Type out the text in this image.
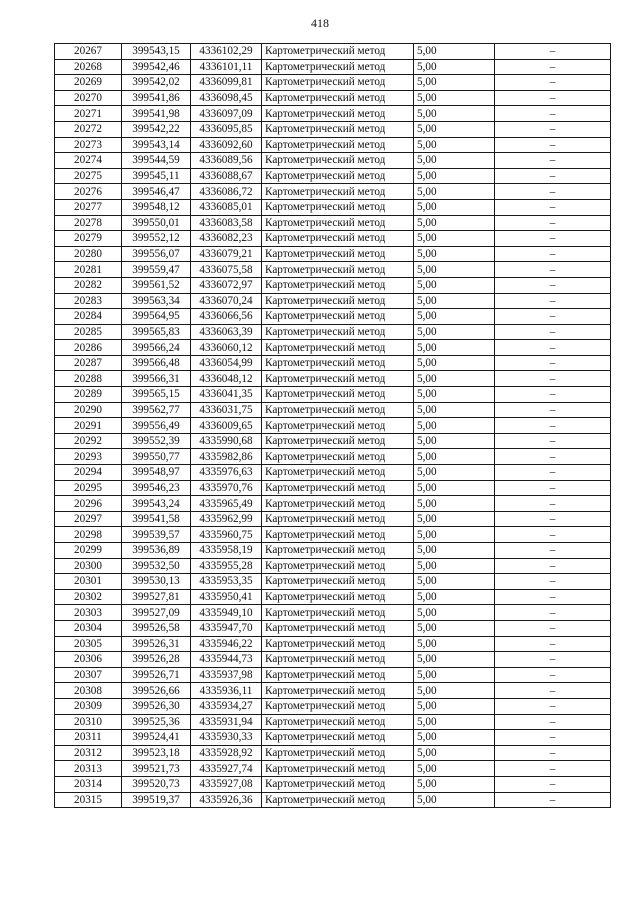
418
20267	399543,15	4336102,29	Картометрический метод	5,00	–
20268	399542,46	4336101,11	Картометрический метод	5,00	–
20269	399542,02	4336099,81	Картометрический метод	5,00	–
20270	399541,86	4336098,45	Картометрический метод	5,00	–
20271	399541,98	4336097,09	Картометрический метод	5,00	–
20272	399542,22	4336095,85	Картометрический метод	5,00	–
20273	399543,14	4336092,60	Картометрический метод	5,00	–
20274	399544,59	4336089,56	Картометрический метод	5,00	–
20275	399545,11	4336088,67	Картометрический метод	5,00	–
20276	399546,47	4336086,72	Картометрический метод	5,00	–
20277	399548,12	4336085,01	Картометрический метод	5,00	–
20278	399550,01	4336083,58	Картометрический метод	5,00	–
20279	399552,12	4336082,23	Картометрический метод	5,00	–
20280	399556,07	4336079,21	Картометрический метод	5,00	–
20281	399559,47	4336075,58	Картометрический метод	5,00	–
20282	399561,52	4336072,97	Картометрический метод	5,00	–
20283	399563,34	4336070,24	Картометрический метод	5,00	–
20284	399564,95	4336066,56	Картометрический метод	5,00	–
20285	399565,83	4336063,39	Картометрический метод	5,00	–
20286	399566,24	4336060,12	Картометрический метод	5,00	–
20287	399566,48	4336054,99	Картометрический метод	5,00	–
20288	399566,31	4336048,12	Картометрический метод	5,00	–
20289	399565,15	4336041,35	Картометрический метод	5,00	–
20290	399562,77	4336031,75	Картометрический метод	5,00	–
20291	399556,49	4336009,65	Картометрический метод	5,00	–
20292	399552,39	4335990,68	Картометрический метод	5,00	–
20293	399550,77	4335982,86	Картометрический метод	5,00	–
20294	399548,97	4335976,63	Картометрический метод	5,00	–
20295	399546,23	4335970,76	Картометрический метод	5,00	–
20296	399543,24	4335965,49	Картометрический метод	5,00	–
20297	399541,58	4335962,99	Картометрический метод	5,00	–
20298	399539,57	4335960,75	Картометрический метод	5,00	–
20299	399536,89	4335958,19	Картометрический метод	5,00	–
20300	399532,50	4335955,28	Картометрический метод	5,00	–
20301	399530,13	4335953,35	Картометрический метод	5,00	–
20302	399527,81	4335950,41	Картометрический метод	5,00	–
20303	399527,09	4335949,10	Картометрический метод	5,00	–
20304	399526,58	4335947,70	Картометрический метод	5,00	–
20305	399526,31	4335946,22	Картометрический метод	5,00	–
20306	399526,28	4335944,73	Картометрический метод	5,00	–
20307	399526,71	4335937,98	Картометрический метод	5,00	–
20308	399526,66	4335936,11	Картометрический метод	5,00	–
20309	399526,30	4335934,27	Картометрический метод	5,00	–
20310	399525,36	4335931,94	Картометрический метод	5,00	–
20311	399524,41	4335930,33	Картометрический метод	5,00	–
20312	399523,18	4335928,92	Картометрический метод	5,00	–
20313	399521,73	4335927,74	Картометрический метод	5,00	–
20314	399520,73	4335927,08	Картометрический метод	5,00	–
20315	399519,37	4335926,36	Картометрический метод	5,00	–
